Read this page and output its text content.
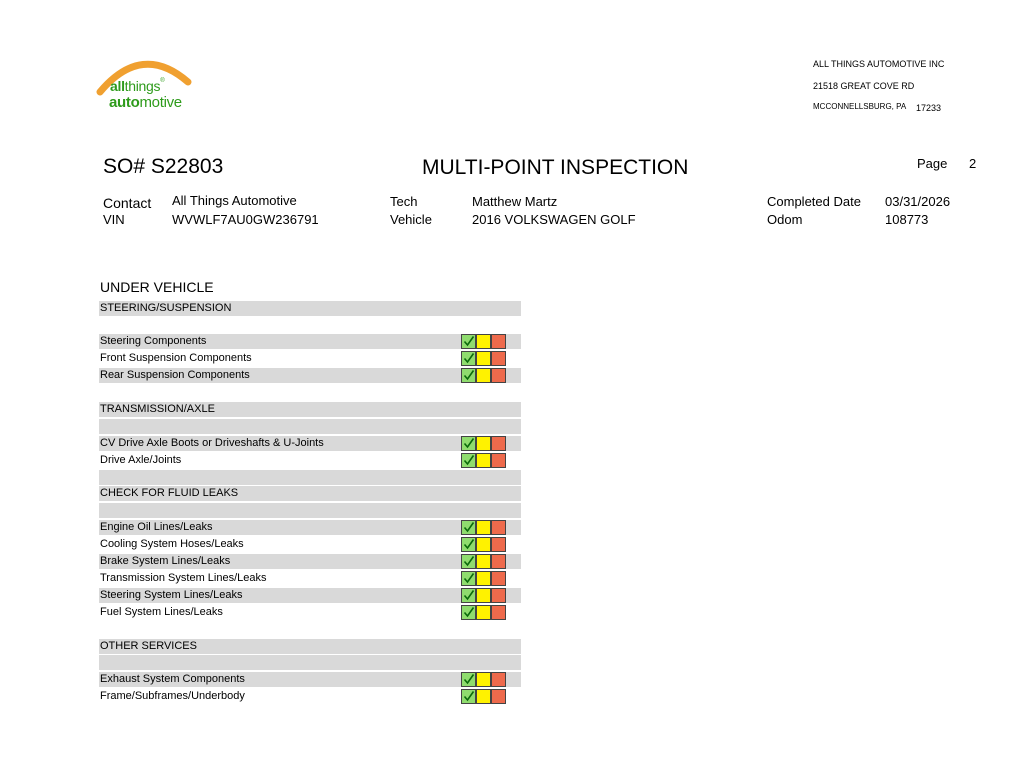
allthings®
automotive
ALL THINGS AUTOMOTIVE INC
21518 GREAT COVE RD
MCCONNELLSBURG, PA 17233
SO# S22803	MULTI-POINT INSPECTION	Page 2
Contact All Things Automotive	Tech	Matthew Martz	Completed Date 03/31/2026
VIN	WVWLF7AU0GW236791	Vehicle	2016 VOLKSWAGEN GOLF	Odom	108773
UNDER VEHICLE
STEERING/SUSPENSION
Steering Components
Front Suspension Components
Rear Suspension Components
TRANSMISSION/AXLE
CV Drive Axle Boots or Driveshafts & U-Joints
Drive Axle/Joints
CHECK FOR FLUID LEAKS
Engine Oil Lines/Leaks
Cooling System Hoses/Leaks
Brake System Lines/Leaks
Transmission System Lines/Leaks
Steering System Lines/Leaks
Fuel System Lines/Leaks
OTHER SERVICES
Exhaust System Components
Frame/Subframes/Underbody
